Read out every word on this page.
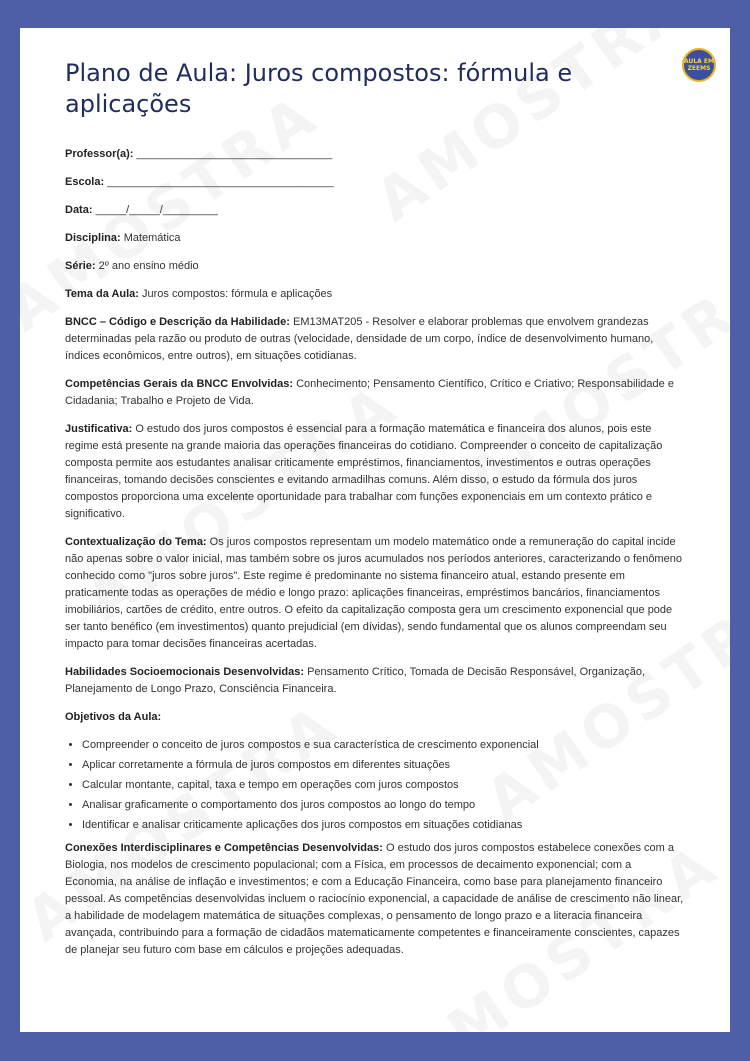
AULA EM ZEEMS
Plano de Aula: Juros compostos: fórmula e aplicações

Professor(a): ________________________________

Escola: _____________________________________

Data: _____/_____/_________

Disciplina: Matemática

Série: 2º ano ensino médio

Tema da Aula: Juros compostos: fórmula e aplicações

BNCC – Código e Descrição da Habilidade: EM13MAT205 - Resolver e elaborar problemas que envolvem grandezas determinadas pela razão ou produto de outras (velocidade, densidade de um corpo, índice de desenvolvimento humano, índices econômicos, entre outros), em situações cotidianas.

Competências Gerais da BNCC Envolvidas: Conhecimento; Pensamento Científico, Crítico e Criativo; Responsabilidade e Cidadania; Trabalho e Projeto de Vida.

Justificativa: O estudo dos juros compostos é essencial para a formação matemática e financeira dos alunos, pois este regime está presente na grande maioria das operações financeiras do cotidiano. Compreender o conceito de capitalização composta permite aos estudantes analisar criticamente empréstimos, financiamentos, investimentos e outras operações financeiras, tomando decisões conscientes e evitando armadilhas comuns. Além disso, o estudo da fórmula dos juros compostos proporciona uma excelente oportunidade para trabalhar com funções exponenciais em um contexto prático e significativo.

Contextualização do Tema: Os juros compostos representam um modelo matemático onde a remuneração do capital incide não apenas sobre o valor inicial, mas também sobre os juros acumulados nos períodos anteriores, caracterizando o fenômeno conhecido como "juros sobre juros". Este regime é predominante no sistema financeiro atual, estando presente em praticamente todas as operações de médio e longo prazo: aplicações financeiras, empréstimos bancários, financiamentos imobiliários, cartões de crédito, entre outros. O efeito da capitalização composta gera um crescimento exponencial que pode ser tanto benéfico (em investimentos) quanto prejudicial (em dívidas), sendo fundamental que os alunos compreendam seu impacto para tomar decisões financeiras acertadas.

Habilidades Socioemocionais Desenvolvidas: Pensamento Crítico, Tomada de Decisão Responsável, Organização, Planejamento de Longo Prazo, Consciência Financeira.

Objetivos da Aula:

• Compreender o conceito de juros compostos e sua característica de crescimento exponencial
• Aplicar corretamente a fórmula de juros compostos em diferentes situações
• Calcular montante, capital, taxa e tempo em operações com juros compostos
• Analisar graficamente o comportamento dos juros compostos ao longo do tempo
• Identificar e analisar criticamente aplicações dos juros compostos em situações cotidianas

Conexões Interdisciplinares e Competências Desenvolvidas: O estudo dos juros compostos estabelece conexões com a Biologia, nos modelos de crescimento populacional; com a Física, em processos de decaimento exponencial; com a Economia, na análise de inflação e investimentos; e com a Educação Financeira, como base para planejamento financeiro pessoal. As competências desenvolvidas incluem o raciocínio exponencial, a capacidade de análise de crescimento não linear, a habilidade de modelagem matemática de situações complexas, o pensamento de longo prazo e a literacia financeira avançada, contribuindo para a formação de cidadãos matematicamente competentes e financeiramente conscientes, capazes de planejar seu futuro com base em cálculos e projeções adequadas.
